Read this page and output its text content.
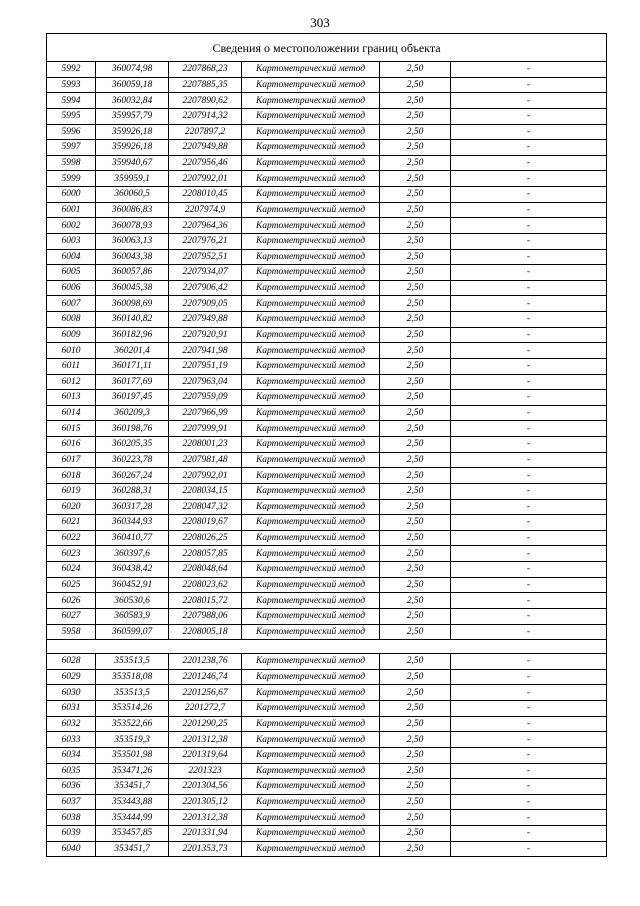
303
Сведения о местоположении границ объекта					
5992	360074,98	2207868,23	Картометрический метод	2,50	-
5993	360059,18	2207885,35	Картометрический метод	2,50	-
5994	360032,84	2207890,62	Картометрический метод	2,50	-
5995	359957,79	2207914,32	Картометрический метод	2,50	-
5996	359926,18	2207897,2	Картометрический метод	2,50	-
5997	359926,18	2207949,88	Картометрический метод	2,50	-
5998	359940,67	2207956,46	Картометрический метод	2,50	-
5999	359959,1	2207992,01	Картометрический метод	2,50	-
6000	360060,5	2208010,45	Картометрический метод	2,50	-
6001	360086,83	2207974,9	Картометрический метод	2,50	-
6002	360078,93	2207964,36	Картометрический метод	2,50	-
6003	360063,13	2207976,21	Картометрический метод	2,50	-
6004	360043,38	2207952,51	Картометрический метод	2,50	-
6005	360057,86	2207934,07	Картометрический метод	2,50	-
6006	360045,38	2207906,42	Картометрический метод	2,50	-
6007	360098,69	2207909,05	Картометрический метод	2,50	-
6008	360140,82	2207949,88	Картометрический метод	2,50	-
6009	360182,96	2207920,91	Картометрический метод	2,50	-
6010	360201,4	2207941,98	Картометрический метод	2,50	-
6011	360171,11	2207951,19	Картометрический метод	2,50	-
6012	360177,69	2207963,04	Картометрический метод	2,50	-
6013	360197,45	2207959,09	Картометрический метод	2,50	-
6014	360209,3	2207966,99	Картометрический метод	2,50	-
6015	360198,76	2207999,91	Картометрический метод	2,50	-
6016	360205,35	2208001,23	Картометрический метод	2,50	-
6017	360223,78	2207981,48	Картометрический метод	2,50	-
6018	360267,24	2207992,01	Картометрический метод	2,50	-
6019	360288,31	2208034,15	Картометрический метод	2,50	-
6020	360317,28	2208047,32	Картометрический метод	2,50	-
6021	360344,93	2208019,67	Картометрический метод	2,50	-
6022	360410,77	2208026,25	Картометрический метод	2,50	-
6023	360397,6	2208057,85	Картометрический метод	2,50	-
6024	360438,42	2208048,64	Картометрический метод	2,50	-
6025	360452,91	2208023,62	Картометрический метод	2,50	-
6026	360530,6	2208015,72	Картометрический метод	2,50	-
6027	360583,9	2207988,06	Картометрический метод	2,50	-
5958	360599,07	2208005,18	Картометрический метод	2,50	-

6028	353513,5	2201238,76	Картометрический метод	2,50	-
6029	353518,08	2201246,74	Картометрический метод	2,50	-
6030	353513,5	2201256,67	Картометрический метод	2,50	-
6031	353514,26	2201272,7	Картометрический метод	2,50	-
6032	353522,66	2201290,25	Картометрический метод	2,50	-
6033	353519,3	2201312,38	Картометрический метод	2,50	-
6034	353501,98	2201319,64	Картометрический метод	2,50	-
6035	353471,26	2201323	Картометрический метод	2,50	-
6036	353451,7	2201304,56	Картометрический метод	2,50	-
6037	353443,88	2201305,12	Картометрический метод	2,50	-
6038	353444,99	2201312,38	Картометрический метод	2,50	-
6039	353457,85	2201331,94	Картометрический метод	2,50	-
6040	353451,7	2201353,73	Картометрический метод	2,50	-
